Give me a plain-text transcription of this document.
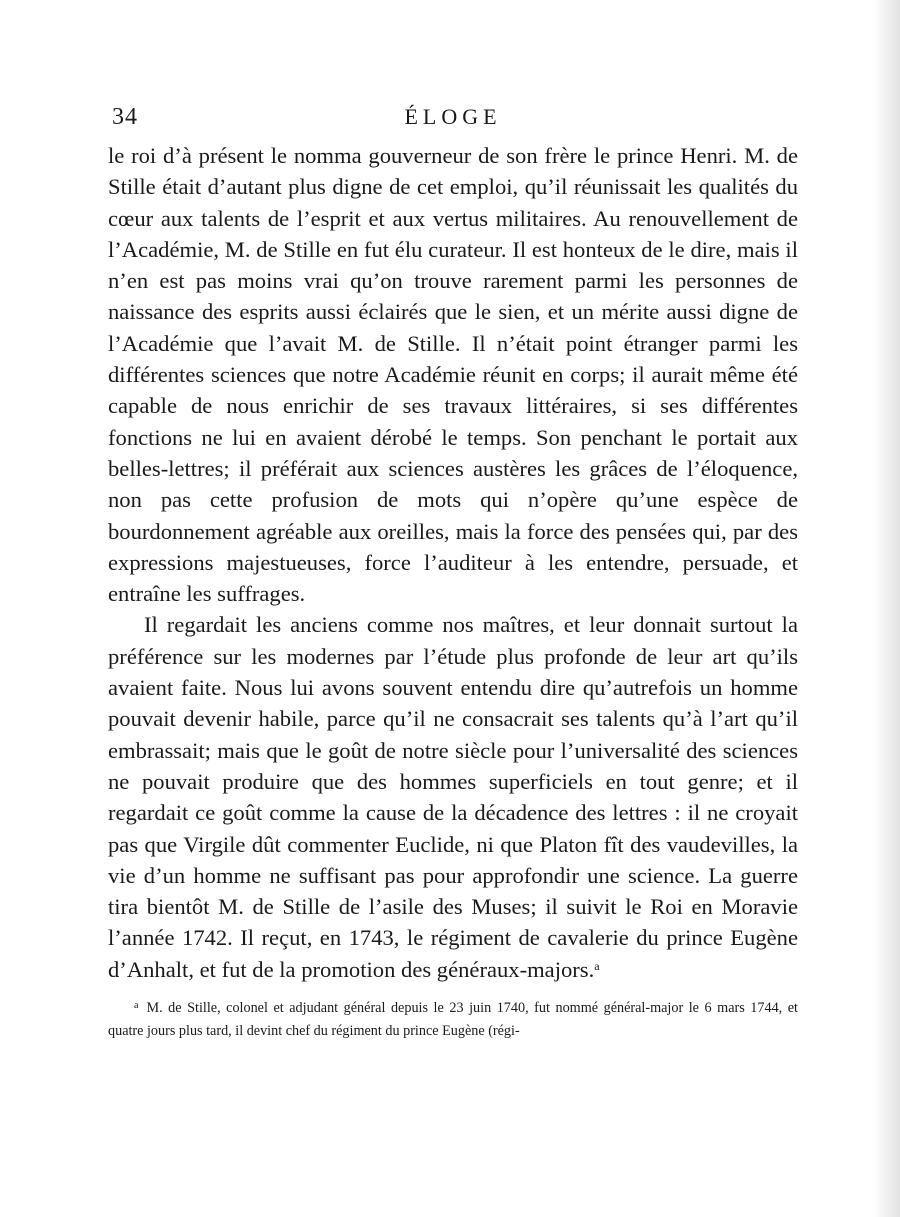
34	ÉLOGE

le roi d’à présent le nomma gouverneur de son frère le prince Henri. M. de Stille était d’autant plus digne de cet emploi, qu’il réunissait les qualités du cœur aux talents de l’esprit et aux vertus militaires. Au renouvellement de l’Académie, M. de Stille en fut élu curateur. Il est honteux de le dire, mais il n’en est pas moins vrai qu’on trouve rarement parmi les personnes de naissance des esprits aussi éclairés que le sien, et un mérite aussi digne de l’Académie que l’avait M. de Stille. Il n’était point étranger parmi les différentes sciences que notre Académie réunit en corps; il aurait même été capable de nous enrichir de ses travaux littéraires, si ses différentes fonctions ne lui en avaient dérobé le temps. Son penchant le portait aux belles-lettres; il préférait aux sciences austères les grâces de l’éloquence, non pas cette profusion de mots qui n’opère qu’une espèce de bourdonnement agréable aux oreilles, mais la force des pensées qui, par des expressions majestueuses, force l’auditeur à les entendre, persuade, et entraîne les suffrages.

Il regardait les anciens comme nos maîtres, et leur donnait surtout la préférence sur les modernes par l’étude plus profonde de leur art qu’ils avaient faite. Nous lui avons souvent entendu dire qu’autrefois un homme pouvait devenir habile, parce qu’il ne consacrait ses talents qu’à l’art qu’il embrassait; mais que le goût de notre siècle pour l’universalité des sciences ne pouvait produire que des hommes superficiels en tout genre; et il regardait ce goût comme la cause de la décadence des lettres : il ne croyait pas que Virgile dût commenter Euclide, ni que Platon fît des vaudevilles, la vie d’un homme ne suffisant pas pour approfondir une science. La guerre tira bientôt M. de Stille de l’asile des Muses; il suivit le Roi en Moravie l’année 1742. Il reçut, en 1743, le régiment de cavalerie du prince Eugène d’Anhalt, et fut de la promotion des généraux-majors.$^a$

$^a$ M. de Stille, colonel et adjudant général depuis le 23 juin 1740, fut nommé général-major le 6 mars 1744, et quatre jours plus tard, il devint chef du régiment du prince Eugène (régi-
